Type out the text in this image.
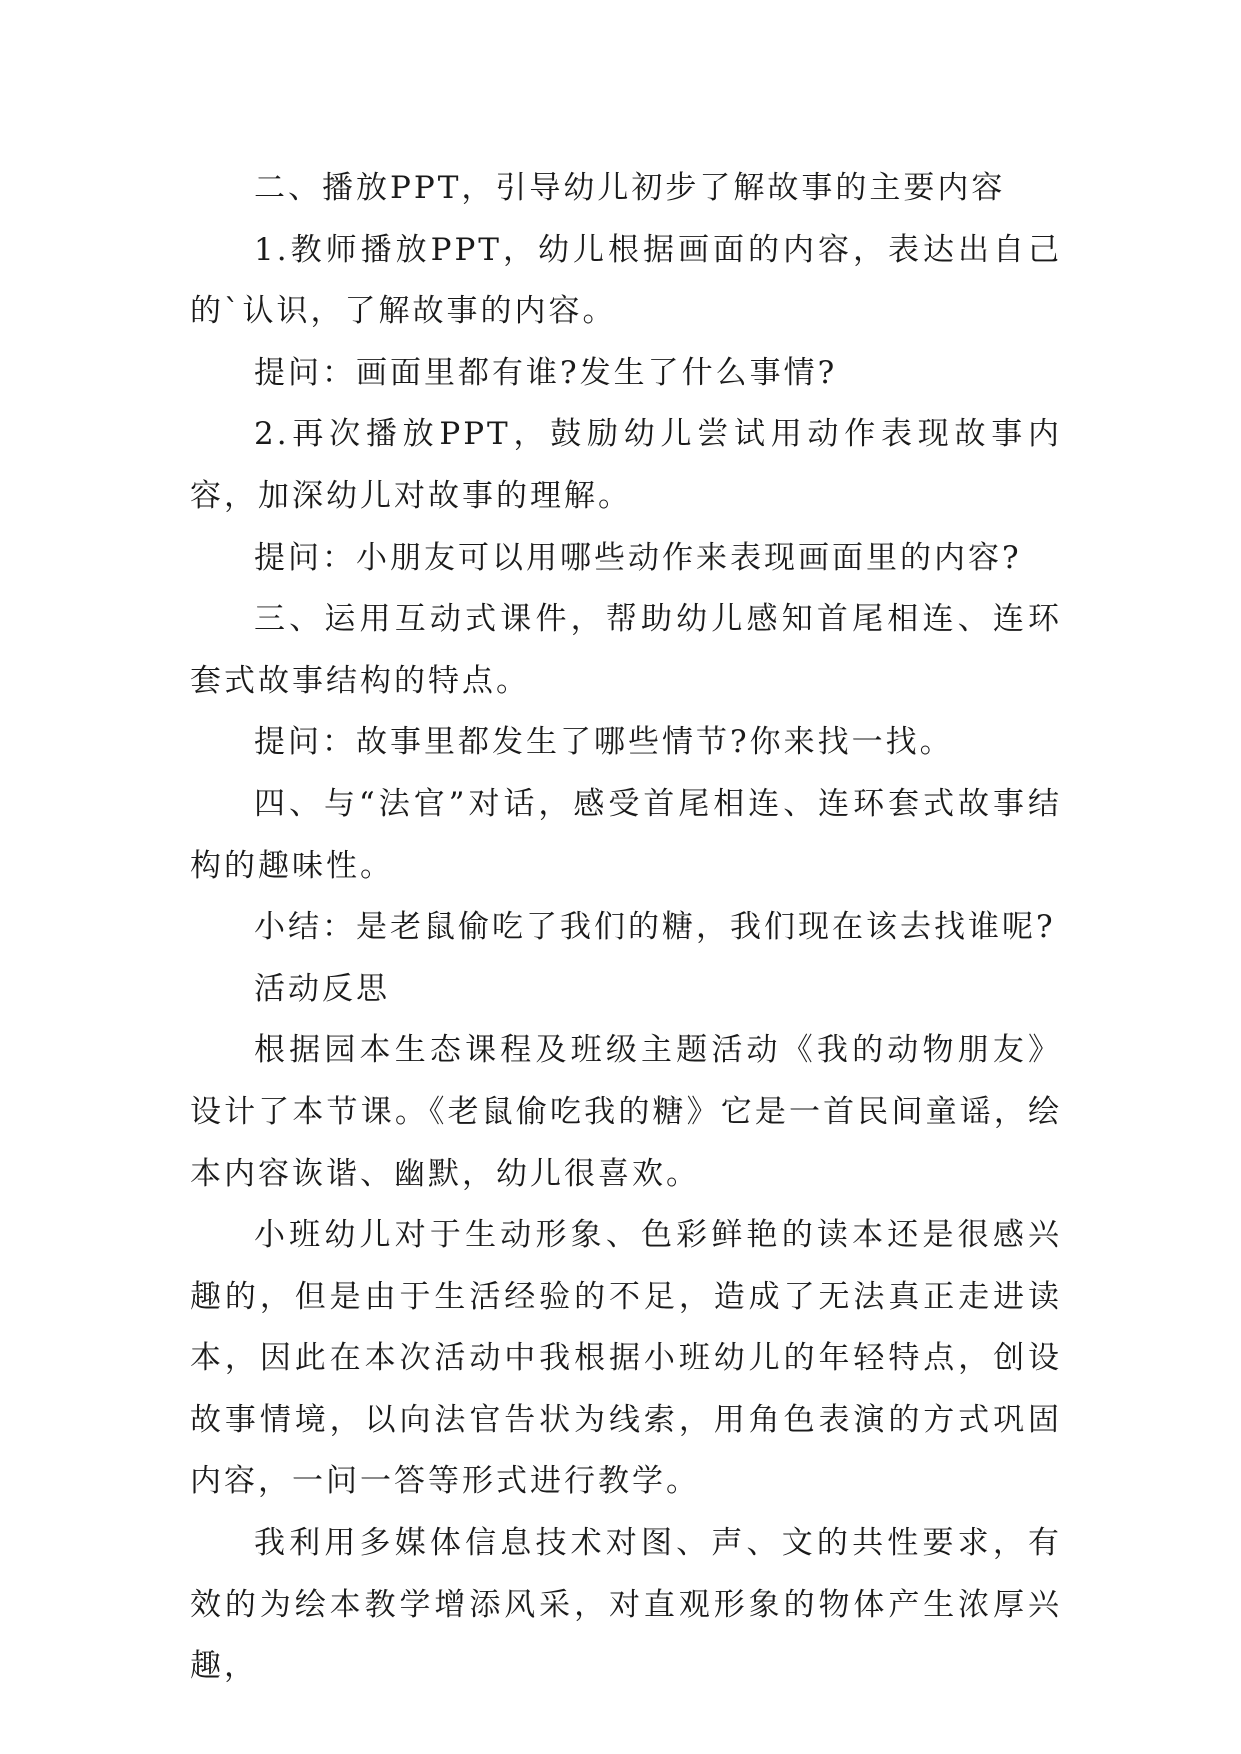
二、播放PPT，引导幼儿初步了解故事的主要内容

1.教师播放PPT，幼儿根据画面的内容，表达出自己的`认识，了解故事的内容。

提问：画面里都有谁?发生了什么事情?

2.再次播放PPT，鼓励幼儿尝试用动作表现故事内容，加深幼儿对故事的理解。

提问：小朋友可以用哪些动作来表现画面里的内容?

三、运用互动式课件，帮助幼儿感知首尾相连、连环套式故事结构的特点。

提问：故事里都发生了哪些情节?你来找一找。

四、与“法官”对话，感受首尾相连、连环套式故事结构的趣味性。

小结：是老鼠偷吃了我们的糖，我们现在该去找谁呢?

活动反思

根据园本生态课程及班级主题活动《我的动物朋友》设计了本节课。《老鼠偷吃我的糖》它是一首民间童谣，绘本内容诙谐、幽默，幼儿很喜欢。

小班幼儿对于生动形象、色彩鲜艳的读本还是很感兴趣的，但是由于生活经验的不足，造成了无法真正走进读本，因此在本次活动中我根据小班幼儿的年轻特点，创设故事情境，以向法官告状为线索，用角色表演的方式巩固内容，一问一答等形式进行教学。

我利用多媒体信息技术对图、声、文的共性要求，有效的为绘本教学增添风采，对直观形象的物体产生浓厚兴趣，
